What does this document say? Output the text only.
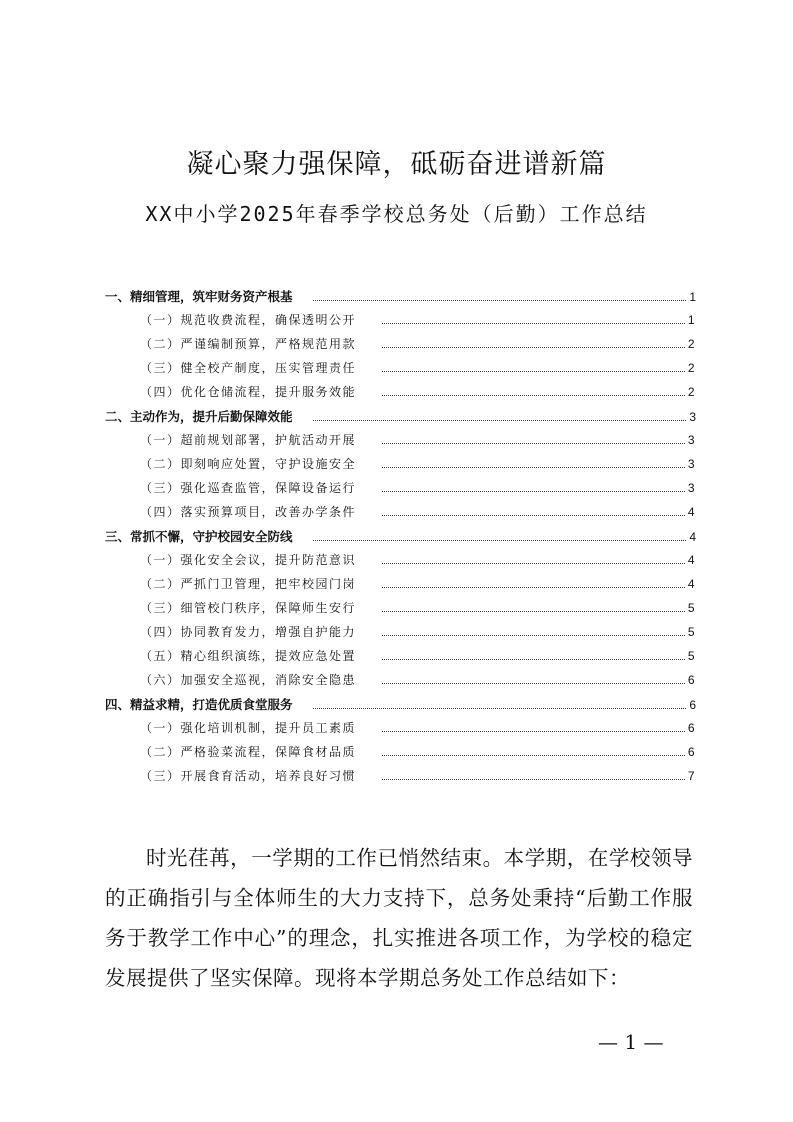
凝心聚力强保障，砥砺奋进谱新篇
XX中小学2025年春季学校总务处（后勤）工作总结
一、精细管理，筑牢财务资产根基	1
（一）规范收费流程，确保透明公开	1
（二）严谨编制预算，严格规范用款	2
（三）健全校产制度，压实管理责任	2
（四）优化仓储流程，提升服务效能	2
二、主动作为，提升后勤保障效能	3
（一）超前规划部署，护航活动开展	3
（二）即刻响应处置，守护设施安全	3
（三）强化巡查监管，保障设备运行	3
（四）落实预算项目，改善办学条件	4
三、常抓不懈，守护校园安全防线	4
（一）强化安全会议，提升防范意识	4
（二）严抓门卫管理，把牢校园门岗	4
（三）细管校门秩序，保障师生安行	5
（四）协同教育发力，增强自护能力	5
（五）精心组织演练，提效应急处置	5
（六）加强安全巡视，消除安全隐患	6
四、精益求精，打造优质食堂服务	6
（一）强化培训机制，提升员工素质	6
（二）严格验菜流程，保障食材品质	6
（三）开展食育活动，培养良好习惯	7
时光荏苒，一学期的工作已悄然结束。本学期，在学校领导的正确指引与全体师生的大力支持下，总务处秉持“后勤工作服务于教学工作中心”的理念，扎实推进各项工作，为学校的稳定发展提供了坚实保障。现将本学期总务处工作总结如下：
— 1 —
